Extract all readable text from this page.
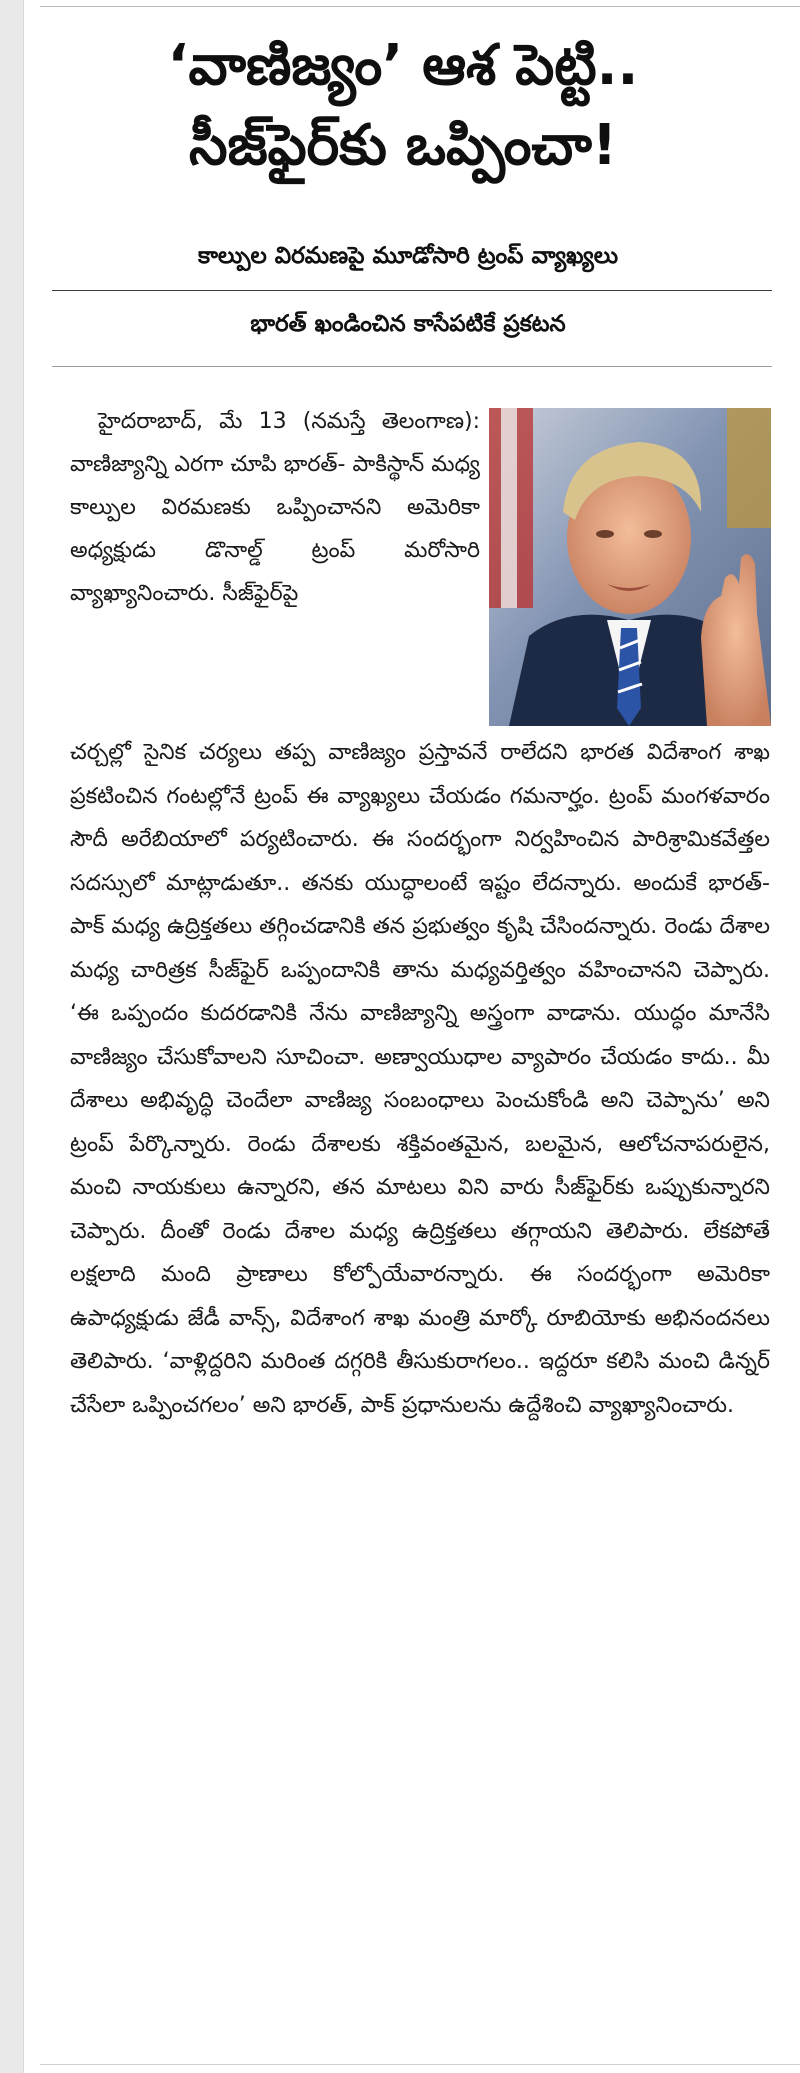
‘వాణిజ్యం’ ఆశ పెట్టి..
సీజ్‌ఫైర్‌కు ఒప్పించా!
కాల్పుల విరమణపై మూడోసారి ట్రంప్ వ్యాఖ్యలు
భారత్ ఖండించిన కాసేపటికే ప్రకటన
హైదరాబాద్, మే 13 (నమస్తే తెలంగాణ): వాణిజ్యాన్ని ఎరగా చూపి భారత్- పాకిస్థాన్ మధ్య కాల్పుల విరమణకు ఒప్పించానని అమెరికా అధ్యక్షుడు డొనాల్డ్ ట్రంప్ మరోసారి వ్యాఖ్యానించారు. సీజ్‌ఫైర్‌పై
చర్చల్లో సైనిక చర్యలు తప్ప వాణిజ్యం ప్రస్తావనే రాలేదని భారత విదేశాంగ శాఖ ప్రకటించిన గంటల్లోనే ట్రంప్ ఈ వ్యాఖ్యలు చేయడం గమనార్హం. ట్రంప్ మంగళవారం సౌదీ అరేబియాలో పర్యటించారు. ఈ సందర్భంగా నిర్వహించిన పారిశ్రామికవేత్తల సదస్సులో మాట్లాడుతూ.. తనకు యుద్ధాలంటే ఇష్టం లేదన్నారు. అందుకే భారత్-పాక్ మధ్య ఉద్రిక్తతలు తగ్గించడానికి తన ప్రభుత్వం కృషి చేసిందన్నారు. రెండు దేశాల మధ్య చారిత్రక సీజ్‌ఫైర్ ఒప్పందానికి తాను మధ్యవర్తిత్వం వహించానని చెప్పారు. ‘ఈ ఒప్పందం కుదరడానికి నేను వాణిజ్యాన్ని అస్త్రంగా వాడాను. యుద్ధం మానేసి వాణిజ్యం చేసుకోవాలని సూచించా. అణ్వాయుధాల వ్యాపారం చేయడం కాదు.. మీ దేశాలు అభివృద్ధి చెందేలా వాణిజ్య సంబంధాలు పెంచుకోండి అని చెప్పాను’ అని ట్రంప్ పేర్కొన్నారు. రెండు దేశాలకు శక్తివంతమైన, బలమైన, ఆలోచనాపరులైన, మంచి నాయకులు ఉన్నారని, తన మాటలు విని వారు సీజ్‌ఫైర్‌కు ఒప్పుకున్నారని చెప్పారు. దీంతో రెండు దేశాల మధ్య ఉద్రిక్తతలు తగ్గాయని తెలిపారు. లేకపోతే లక్షలాది మంది ప్రాణాలు కోల్పోయేవారన్నారు. ఈ సందర్భంగా అమెరికా ఉపాధ్యక్షుడు జేడీ వాన్స్, విదేశాంగ శాఖ మంత్రి మార్కో రూబియోకు అభినందనలు తెలిపారు. ‘వాళ్లిద్దరిని మరింత దగ్గరికి తీసుకురాగలం.. ఇద్దరూ కలిసి మంచి డిన్నర్ చేసేలా ఒప్పించగలం’ అని భారత్, పాక్ ప్రధానులను ఉద్దేశించి వ్యాఖ్యానించారు.
